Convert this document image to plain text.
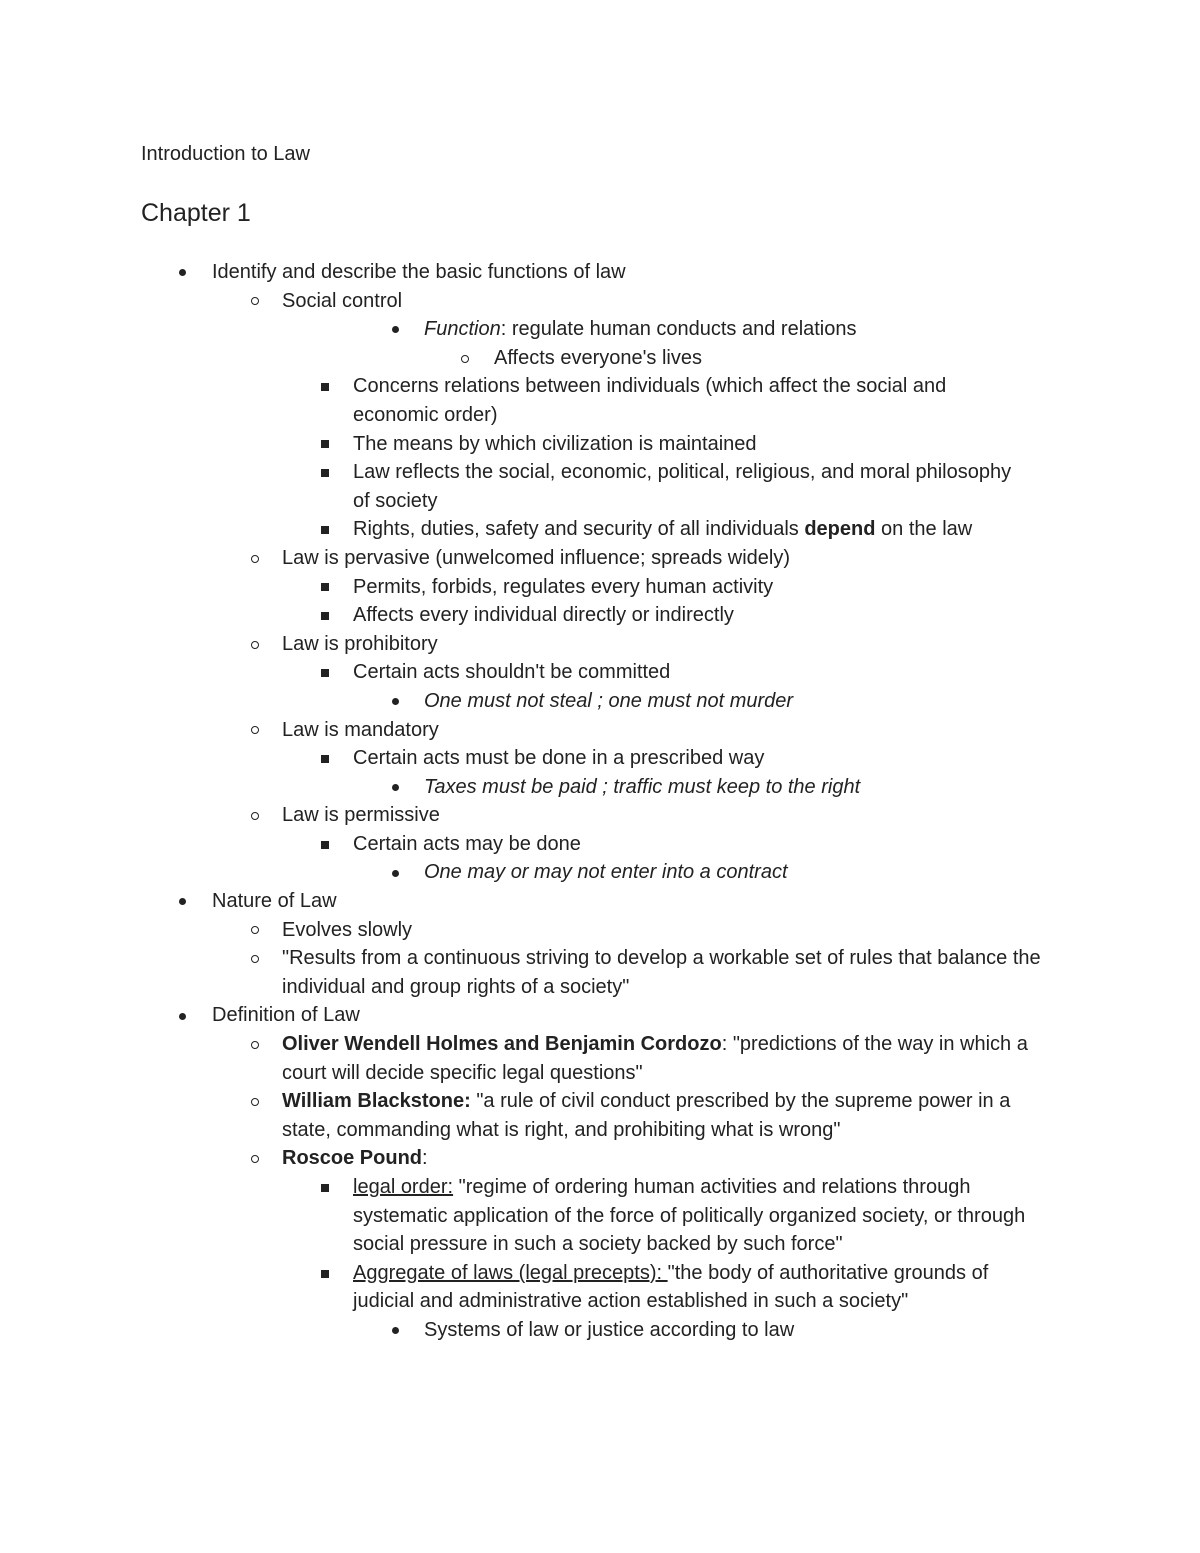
Introduction to Law

Chapter 1
Identify and describe the basic functions of law
Social control
Function: regulate human conducts and relations
Affects everyone's lives
Concerns relations between individuals (which affect the social and economic order)
The means by which civilization is maintained
Law reflects the social, economic, political, religious, and moral philosophy of society
Rights, duties, safety and security of all individuals depend on the law
Law is pervasive (unwelcomed influence; spreads widely)
Permits, forbids, regulates every human activity
Affects every individual directly or indirectly
Law is prohibitory
Certain acts shouldn't be committed
One must not steal ; one must not murder
Law is mandatory
Certain acts must be done in a prescribed way
Taxes must be paid ; traffic must keep to the right
Law is permissive
Certain acts may be done
One may or may not enter into a contract
Nature of Law
Evolves slowly
"Results from a continuous striving to develop a workable set of rules that balance the individual and group rights of a society"
Definition of Law
Oliver Wendell Holmes and Benjamin Cordozo: "predictions of the way in which a court will decide specific legal questions"
William Blackstone: "a rule of civil conduct prescribed by the supreme power in a state, commanding what is right, and prohibiting what is wrong"
Roscoe Pound:
legal order: "regime of ordering human activities and relations through systematic application of the force of politically organized society, or through social pressure in such a society backed by such force"
Aggregate of laws (legal precepts): "the body of authoritative grounds of judicial and administrative action established in such a society"
Systems of law or justice according to law
